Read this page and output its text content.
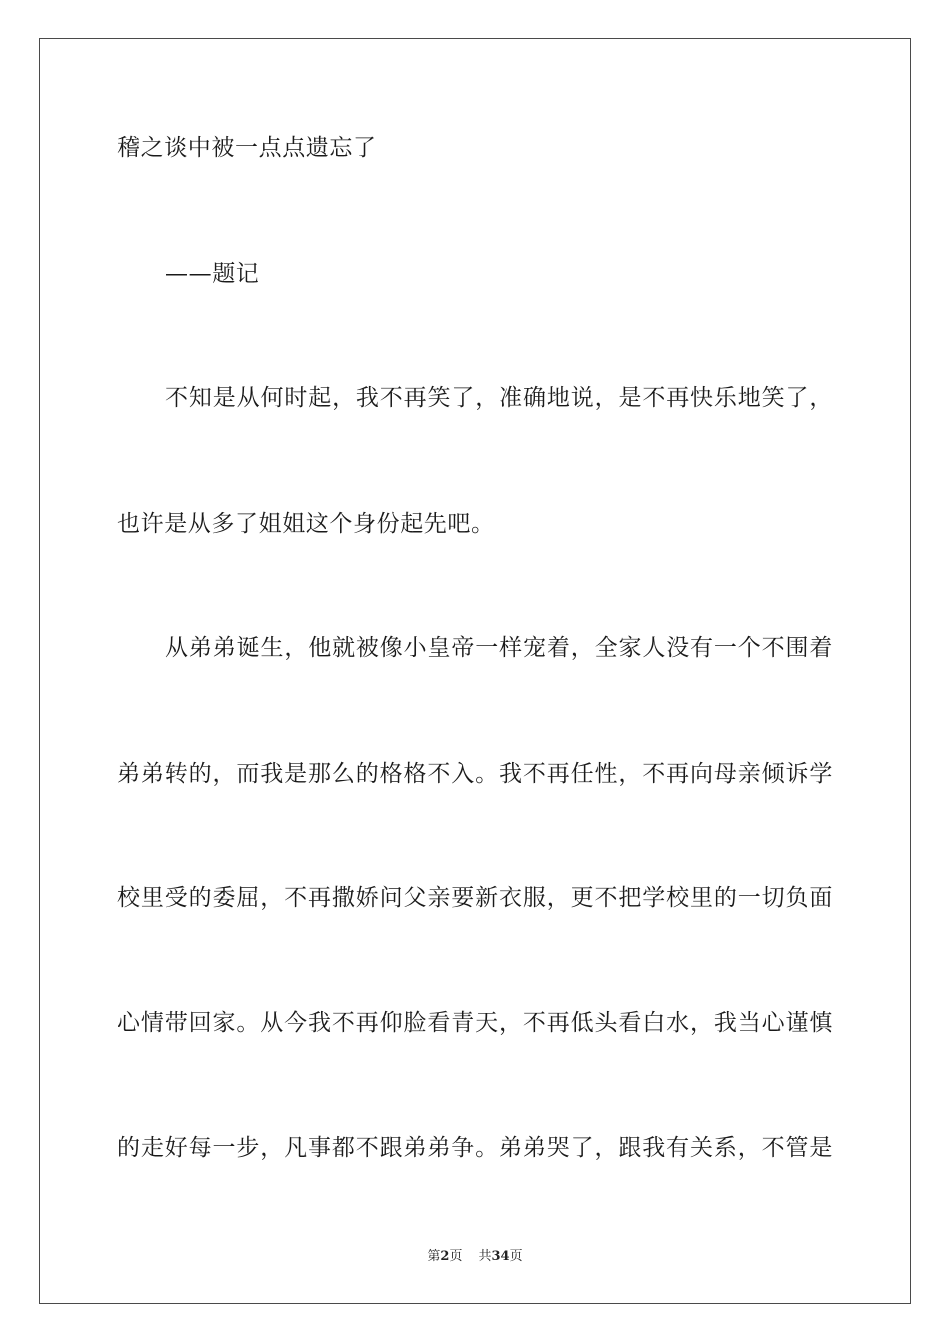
稽之谈中被一点点遗忘了
——题记
不知是从何时起，我不再笑了，准确地说，是不再快乐地笑了，
也许是从多了姐姐这个身份起先吧。
从弟弟诞生，他就被像小皇帝一样宠着，全家人没有一个不围着
弟弟转的，而我是那么的格格不入。我不再任性，不再向母亲倾诉学
校里受的委屈，不再撒娇问父亲要新衣服，更不把学校里的一切负面
心情带回家。从今我不再仰脸看青天，不再低头看白水，我当心谨慎
的走好每一步，凡事都不跟弟弟争。弟弟哭了，跟我有关系，不管是
第2页 共34页
